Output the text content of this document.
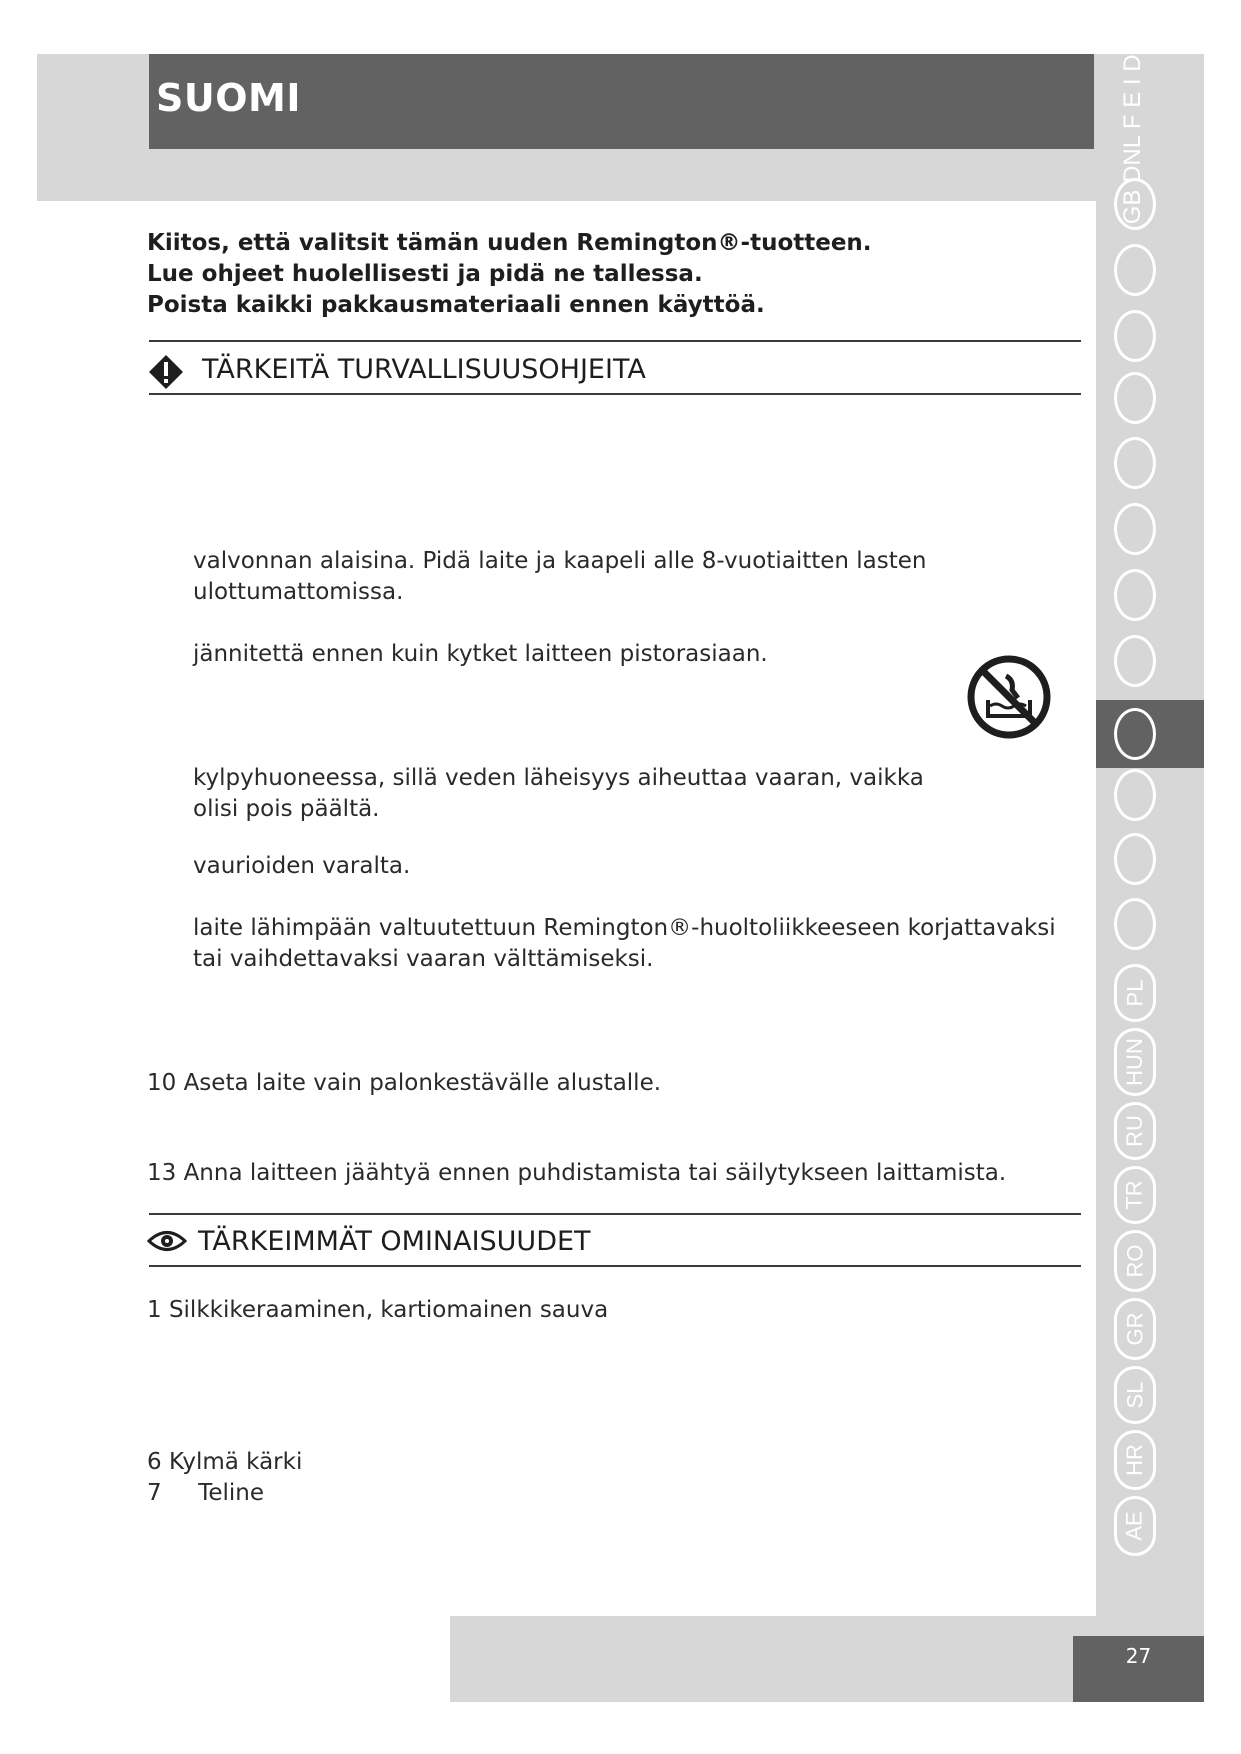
SUOMI
27
Kiitos, että valitsit tämän uuden Remington®-tuotteen.
Lue ohjeet huolellisesti ja pidä ne tallessa.
Poista kaikki pakkausmateriaali ennen käyttöä.
TÄRKEITÄ TURVALLISUUSOHJEITA
valvonnan alaisina. Pidä laite ja kaapeli alle 8-vuotiaitten lasten
ulottumattomissa.
jännitettä ennen kuin kytket laitteen pistorasiaan.
kylpyhuoneessa, sillä veden läheisyys aiheuttaa vaaran, vaikka
olisi pois päältä.
vaurioiden varalta.
laite lähimpään valtuutettuun Remington®-huoltoliikkeeseen korjattavaksi
tai vaihdettavaksi vaaran välttämiseksi.
10 Aseta laite vain palonkestävälle alustalle.
13 Anna laitteen jäähtyä ennen puhdistamista tai säilytykseen laittamista.
TÄRKEIMMÄT OMINAISUUDET
1 Silkkikeraaminen, kartiomainen sauva
6 Kylmä kärki
7     Teline
GB DNL F E I DK S
PL
HUN
RU
TR
RO
GR
SL
HR
AE
